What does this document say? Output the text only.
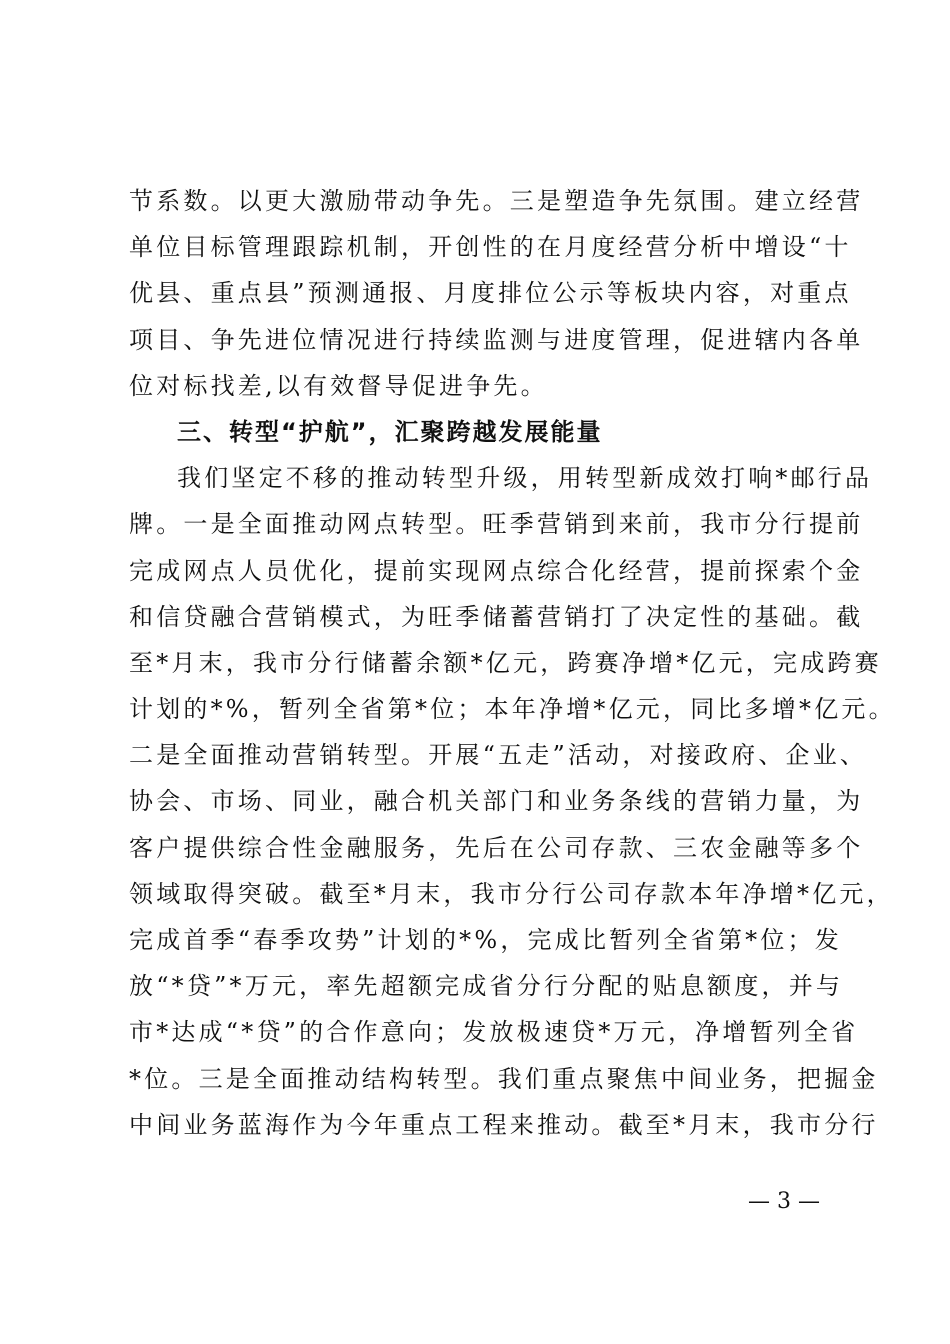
节系数。以更大激励带动争先。三是塑造争先氛围。建立经营
单位目标管理跟踪机制，开创性的在月度经营分析中增设“十
优县、重点县”预测通报、月度排位公示等板块内容，对重点
项目、争先进位情况进行持续监测与进度管理，促进辖内各单
位对标找差,以有效督导促进争先。
三、转型“护航”，汇聚跨越发展能量
我们坚定不移的推动转型升级，用转型新成效打响*邮行品
牌。一是全面推动网点转型。旺季营销到来前，我市分行提前
完成网点人员优化，提前实现网点综合化经营，提前探索个金
和信贷融合营销模式，为旺季储蓄营销打了决定性的基础。截
至*月末，我市分行储蓄余额*亿元，跨赛净增*亿元，完成跨赛
计划的*%，暂列全省第*位；本年净增*亿元，同比多增*亿元。
二是全面推动营销转型。开展“五走”活动，对接政府、企业、
协会、市场、同业，融合机关部门和业务条线的营销力量，为
客户提供综合性金融服务，先后在公司存款、三农金融等多个
领域取得突破。截至*月末，我市分行公司存款本年净增*亿元，
完成首季“春季攻势”计划的*%，完成比暂列全省第*位；发
放“*贷”*万元，率先超额完成省分行分配的贴息额度，并与
市*达成“*贷”的合作意向；发放极速贷*万元，净增暂列全省
*位。三是全面推动结构转型。我们重点聚焦中间业务，把掘金
中间业务蓝海作为今年重点工程来推动。截至*月末，我市分行
— 3 —
